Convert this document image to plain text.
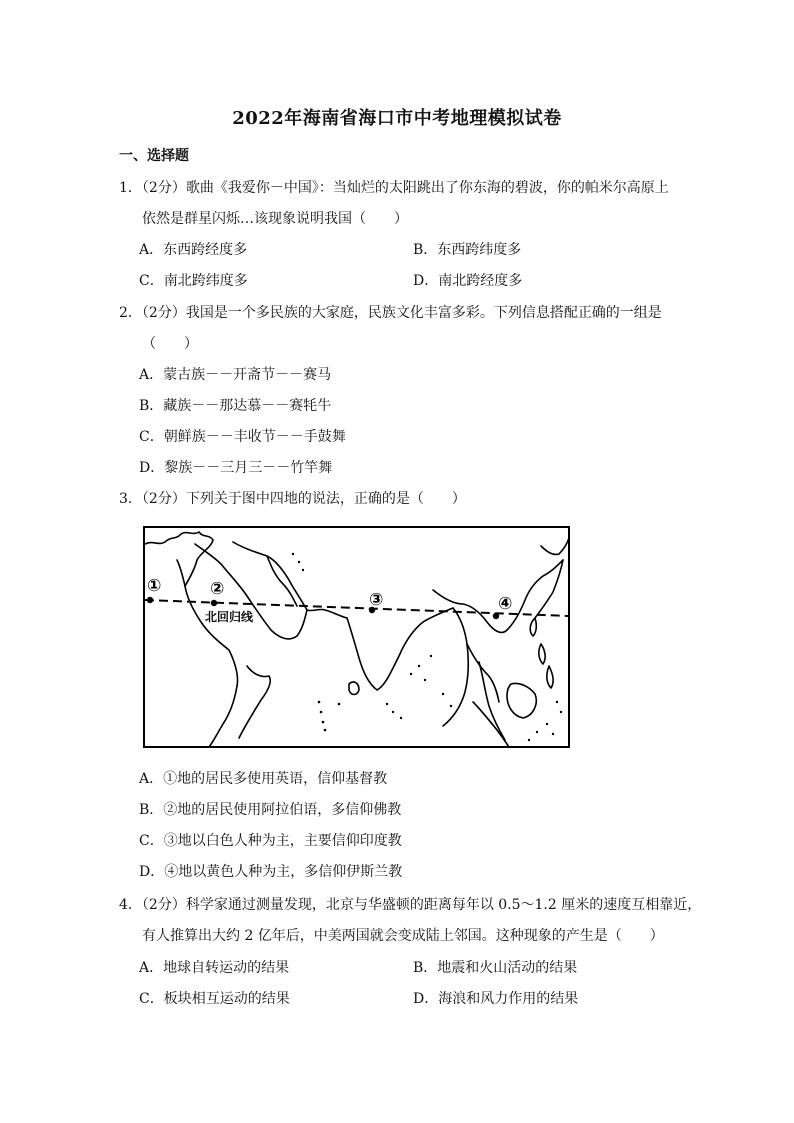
2022年海南省海口市中考地理模拟试卷
一、选择题
1．（2分）歌曲《我爱你－中国》：当灿烂的太阳跳出了你东海的碧波，你的帕米尔高原上
依然是群星闪烁…该现象说明我国（　　）
A．东西跨经度多	B．东西跨纬度多
C．南北跨纬度多	D．南北跨经度多
2．（2分）我国是一个多民族的大家庭，民族文化丰富多彩。下列信息搭配正确的一组是
（　　）
A．蒙古族－－开斋节－－赛马
B．藏族－－那达慕－－赛牦牛
C．朝鲜族－－丰收节－－手鼓舞
D．黎族－－三月三－－竹竿舞
3．（2分）下列关于图中四地的说法，正确的是（　　）
①	②
③	④
北回归线
A．①地的居民多使用英语，信仰基督教
B．②地的居民使用阿拉伯语，多信仰佛教
C．③地以白色人种为主，主要信仰印度教
D．④地以黄色人种为主，多信仰伊斯兰教
4．（2分）科学家通过测量发现，北京与华盛顿的距离每年以 0.5～1.2 厘米的速度互相靠近，
有人推算出大约 2 亿年后，中美两国就会变成陆上邻国。这种现象的产生是（　　）
A．地球自转运动的结果	B．地震和火山活动的结果
C．板块相互运动的结果	D．海浪和风力作用的结果
